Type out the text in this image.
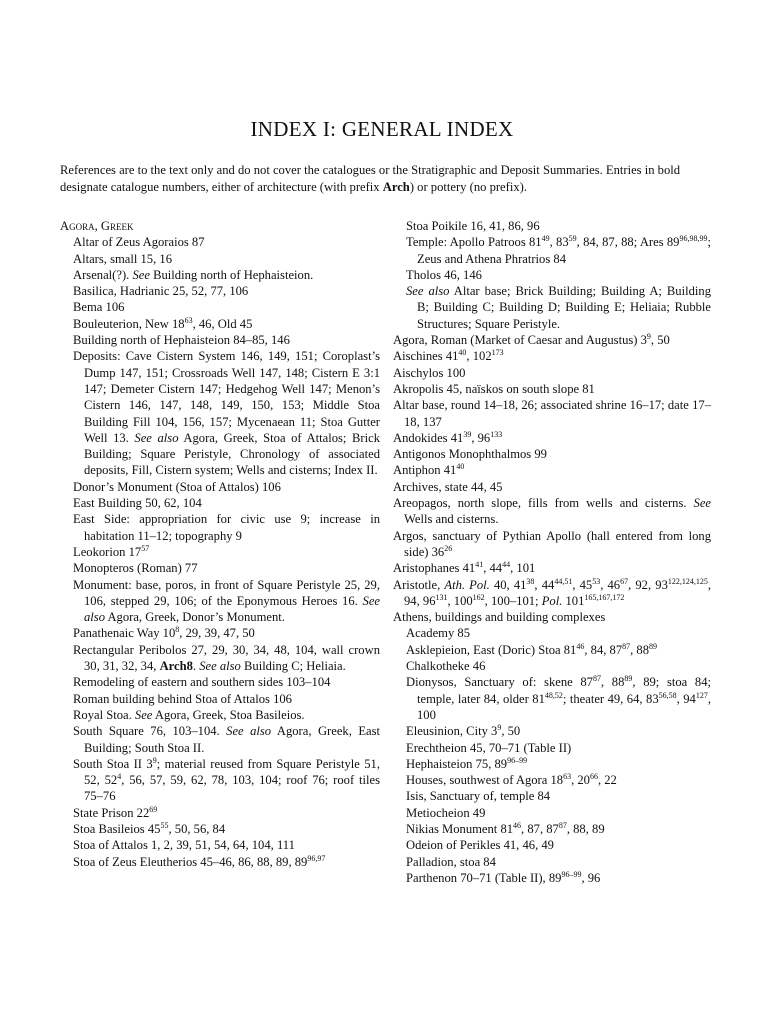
INDEX I: GENERAL INDEX
References are to the text only and do not cover the catalogues or the Stratigraphic and Deposit Summaries. Entries in bold designate catalogue numbers, either of architecture (with prefix Arch) or pottery (no prefix).
Agora, Greek
Altar of Zeus Agoraios 87
Altars, small 15, 16
Arsenal(?). See Building north of Hephaisteion.
Basilica, Hadrianic 25, 52, 77, 106
Bema 106
Bouleuterion, New $18^{63}$, 46, Old 45
Building north of Hephaisteion 84–85, 146
Deposits: Cave Cistern System 146, 149, 151; Coroplast’s Dump 147, 151; Crossroads Well 147, 148; Cistern E 3:1 147; Demeter Cistern 147; Hedgehog Well 147; Menon’s Cistern 146, 147, 148, 149, 150, 153; Middle Stoa Building Fill 104, 156, 157; Mycenaean 11; Stoa Gutter Well 13. See also Agora, Greek, Stoa of Attalos; Brick Building; Square Peristyle, Chronology of associated deposits, Fill, Cistern system; Wells and cisterns; Index II.
Donor’s Monument (Stoa of Attalos) 106
East Building 50, 62, 104
East Side: appropriation for civic use 9; increase in habitation 11–12; topography 9
Leokorion $17^{57}$
Monopteros (Roman) 77
Monument: base, poros, in front of Square Peristyle 25, 29, 106, stepped 29, 106; of the Eponymous Heroes 16. See also Agora, Greek, Donor’s Monument.
Panathenaic Way $10^8$, 29, 39, 47, 50
Rectangular Peribolos 27, 29, 30, 34, 48, 104, wall crown 30, 31, 32, 34, Arch8. See also Building C; Heliaia.
Remodeling of eastern and southern sides 103–104
Roman building behind Stoa of Attalos 106
Royal Stoa. See Agora, Greek, Stoa Basileios.
South Square 76, 103–104. See also Agora, Greek, East Building; South Stoa II.
South Stoa II $3^9$; material reused from Square Peristyle 51, 52, $52^4$, 56, 57, 59, 62, 78, 103, 104; roof 76; roof tiles 75–76
State Prison $22^{69}$
Stoa Basileios $45^{55}$, 50, 56, 84
Stoa of Attalos 1, 2, 39, 51, 54, 64, 104, 111
Stoa of Zeus Eleutherios 45–46, 86, 88, 89, 89$^{96,97}$
Stoa Poikile 16, 41, 86, 96
Temple: Apollo Patroos $81^{49}$, $83^{59}$, 84, 87, 88; Ares 89$^{96,98,99}$; Zeus and Athena Phratrios 84
Tholos 46, 146
See also Altar base; Brick Building; Building A; Building B; Building C; Building D; Building E; Heliaia; Rubble Structures; Square Peristyle.
Agora, Roman (Market of Caesar and Augustus) $3^9$, 50
Aischines $41^{40}$, $102^{173}$
Aischylos 100
Akropolis 45, naïskos on south slope 81
Altar base, round 14–18, 26; associated shrine 16–17; date 17–18, 137
Andokides $41^{39}$, $96^{133}$
Antigonos Monophthalmos 99
Antiphon $41^{40}$
Archives, state 44, 45
Areopagos, north slope, fills from wells and cisterns. See Wells and cisterns.
Argos, sanctuary of Pythian Apollo (hall entered from long side) $36^{26}$
Aristophanes $41^{41}$, $44^{44}$, 101
Aristotle, Ath. Pol. 40, $41^{38}$, 44$^{44,51}$, $45^{53}$, $46^{67}$, 92, 93$^{122,124,125}$, 94, $96^{131}$, $100^{162}$, 100–101; Pol. 101$^{165,167,172}$
Athens, buildings and building complexes
Academy 85
Asklepieion, East (Doric) Stoa $81^{46}$, 84, $87^{87}$, $88^{89}$
Chalkotheke 46
Dionysos, Sanctuary of: skene $87^{87}$, $88^{89}$, 89; stoa 84; temple, later 84, older 81$^{48,52}$; theater 49, 64, 83$^{56,58}$, $94^{127}$, 100
Eleusinion, City $3^9$, 50
Erechtheion 45, 70–71 (Table II)
Hephaisteion 75, 89$^{96-99}$
Houses, southwest of Agora $18^{63}$, $20^{66}$, 22
Isis, Sanctuary of, temple 84
Metiocheion 49
Nikias Monument $81^{46}$, 87, $87^{87}$, 88, 89
Odeion of Perikles 41, 46, 49
Palladion, stoa 84
Parthenon 70–71 (Table II), 89$^{96-99}$, 96
